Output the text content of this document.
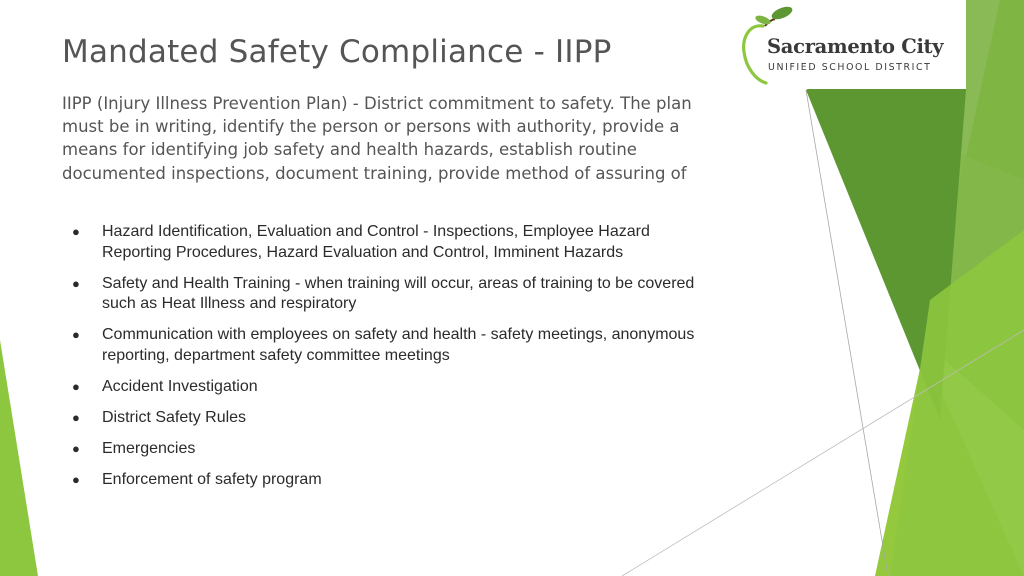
Sacramento City
UNIFIED SCHOOL DISTRICT
Mandated Safety Compliance - IIPP

IIPP (Injury Illness Prevention Plan) - District commitment to safety. The plan must be in writing, identify the person or persons with authority, provide a means for identifying job safety and health hazards, establish routine documented inspections, document training, provide method of assuring of

● Hazard Identification, Evaluation and Control - Inspections, Employee Hazard Reporting Procedures, Hazard Evaluation and Control, Imminent Hazards
● Safety and Health Training - when training will occur, areas of training to be covered such as Heat Illness and respiratory
● Communication with employees on safety and health - safety meetings, anonymous reporting, department safety committee meetings
● Accident Investigation
● District Safety Rules
● Emergencies
● Enforcement of safety program
